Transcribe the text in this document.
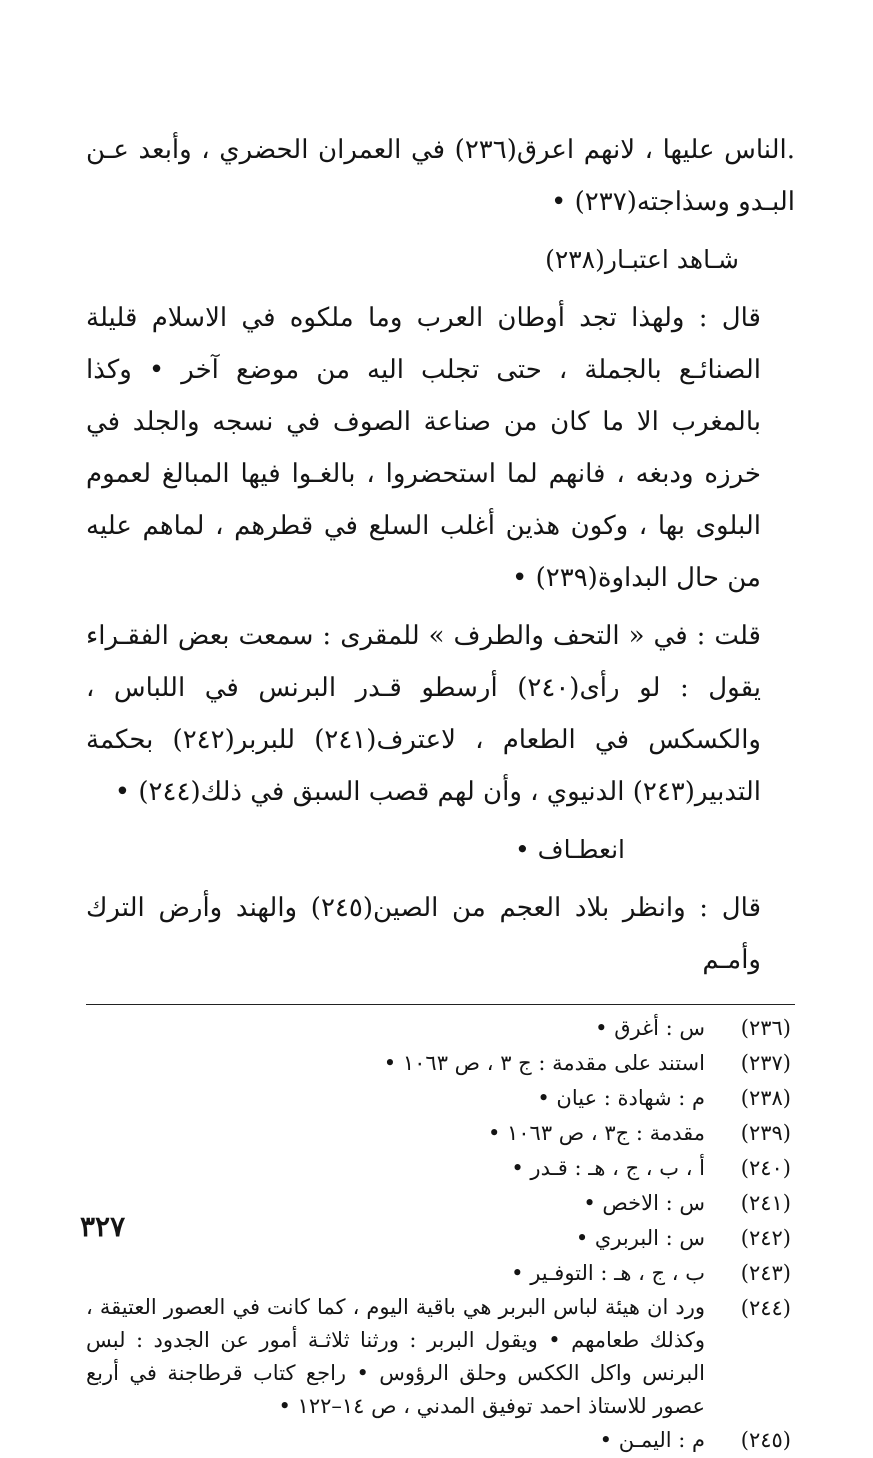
.الناس عليها ، لانهم اعرق(٢٣٦) في العمران الحضري ، وأبعد عـن البـدو وسذاجته(٢٣٧) •

شـاهد اعتبـار(٢٣٨)

قال : ولهذا تجد أوطان العرب وما ملكوه في الاسلام قليلة الصنائـع بالجملة ، حتى تجلب اليه من موضع آخر • وكذا بالمغرب الا ما كان من صناعة الصوف في نسجه والجلد في خرزه ودبغه ، فانهم لما استحضروا ، بالغـوا فيها المبالغ لعموم البلوى بها ، وكون هذين أغلب السلع في قطرهم ، لماهم عليه من حال البداوة(٢٣٩) •

قلت : في « التحف والطرف » للمقرى : سمعت بعض الفقـراء يقول : لو رأى(٢٤٠) أرسطو قـدر البرنس في اللباس ، والكسكس في الطعام ، لاعترف(٢٤١) للبربر(٢٤٢) بحكمة التدبير(٢٤٣) الدنيوي ، وأن لهم قصب السبق في ذلك(٢٤٤) •

انعطـاف •

قال : وانظر بلاد العجم من الصين(٢٤٥) والهند وأرض الترك وأمـم

(٢٣٦)
س : أغرق •
(٢٣٧)
استند على مقدمة : ج ٣ ، ص ١٠٦٣ •
(٢٣٨)
م : شهادة : عيان •
(٢٣٩)
مقدمة : ج٣ ، ص ١٠٦٣ •
(٢٤٠)
أ ، ب ، ج ، هـ : قـدر •
(٢٤١)
س : الاخص •
(٢٤٢)
س : البربري •
(٢٤٣)
ب ، ج ، هـ : التوفـير •
(٢٤٤)
ورد ان هيئة لباس البربر هي باقية اليوم ، كما كانت في العصور العتيقة ، وكذلك طعامهم • ويقول البربر : ورثنا ثلاثـة أمور عن الجدود : لبس البرنس واكل الككس وحلق الرؤوس • راجع كتاب قرطاجنة في أربع عصور للاستاذ احمد توفيق المدني ، ص ١٤–١٢٢ •
(٢٤٥)
م : اليمـن •
٣٢٧
